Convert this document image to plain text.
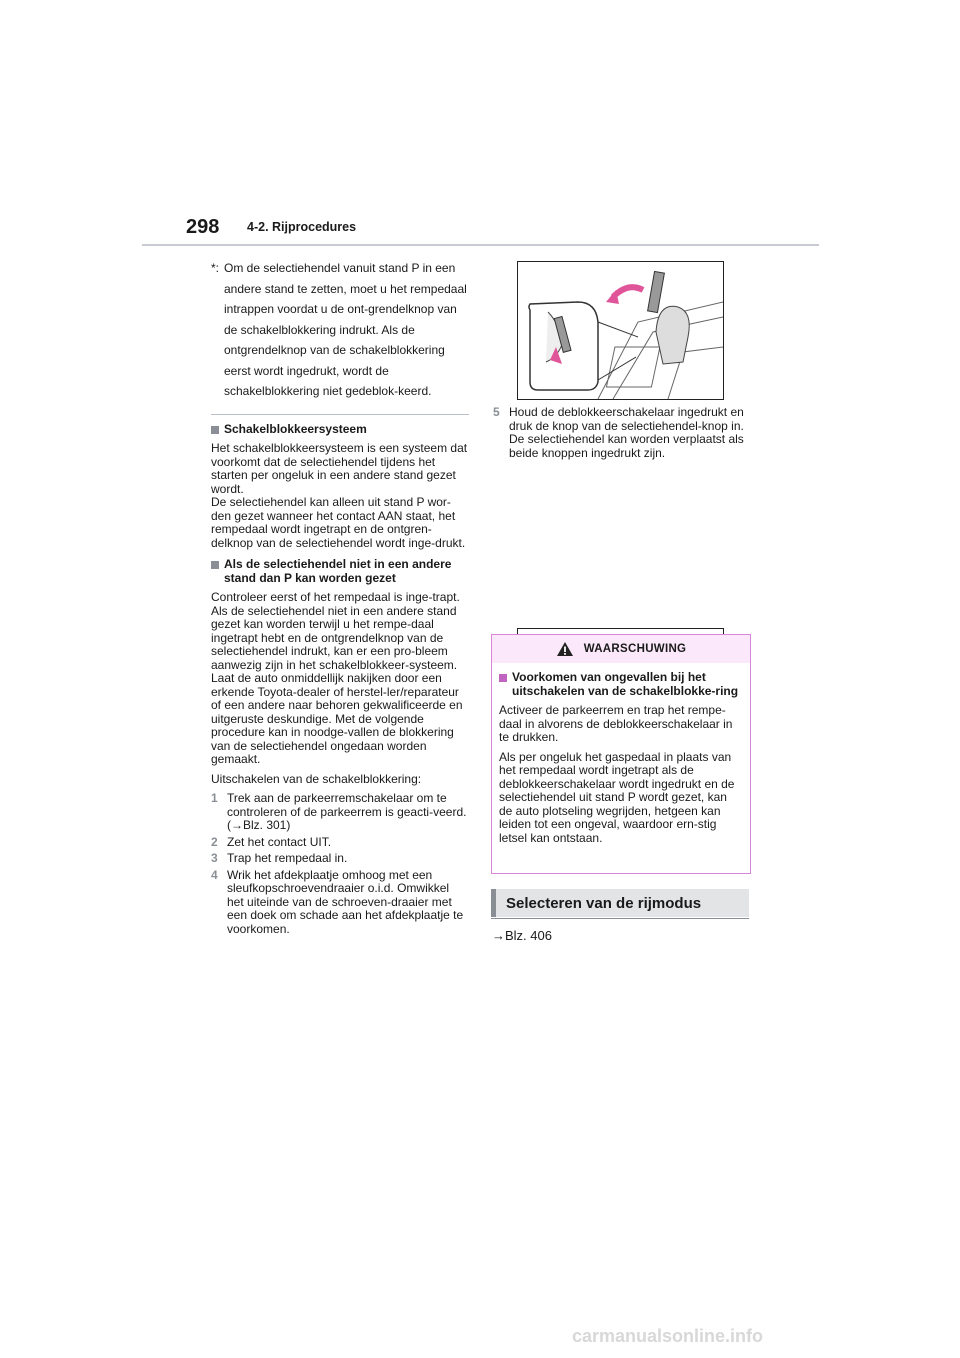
298 4-2. Rijprocedures
*: Om de selectiehendel vanuit stand P in een andere stand te zetten, moet u het rempedaal intrappen voordat u de ont-grendelknop van de schakelblokkering indrukt. Als de ontgrendelknop van de schakelblokkering eerst wordt ingedrukt, wordt de schakelblokkering niet gedeblok-keerd.
Schakelblokkeersysteem

Het schakelblokkeersysteem is een systeem dat voorkomt dat de selectiehendel tijdens het starten per ongeluk in een andere stand gezet wordt.

De selectiehendel kan alleen uit stand P wor-den gezet wanneer het contact AAN staat, het rempedaal wordt ingetrapt en de ontgren-delknop van de selectiehendel wordt inge-drukt.

Als de selectiehendel niet in een andere stand dan P kan worden gezet

Controleer eerst of het rempedaal is inge-trapt.

Als de selectiehendel niet in een andere stand gezet kan worden terwijl u het rempe-daal ingetrapt hebt en de ontgrendelknop van de selectiehendel indrukt, kan er een pro-bleem aanwezig zijn in het schakelblokkeer-systeem. Laat de auto onmiddellijk nakijken door een erkende Toyota-dealer of herstel-ler/reparateur of een andere naar behoren gekwalificeerde en uitgeruste deskundige. Met de volgende procedure kan in noodge-vallen de blokkering van de selectiehendel ongedaan worden gemaakt.

Uitschakelen van de schakelblokkering:

1 Trek aan de parkeerremschakelaar om te controleren of de parkeerrem is geacti-veerd. (→Blz. 301)
2 Zet het contact UIT.
3 Trap het rempedaal in.
4 Wrik het afdekplaatje omhoog met een sleufkopschroevendraaier o.i.d. Omwikkel het uiteinde van de schroeven-draaier met een doek om schade aan het afdekplaatje te voorkomen.
5 Houd de deblokkeerschakelaar ingedrukt en druk de knop van de selectiehendel-knop in. De selectiehendel kan worden verplaatst als beide knoppen ingedrukt zijn.
WAARSCHUWING
Voorkomen van ongevallen bij het uitschakelen van de schakelblokke-ring

Activeer de parkeerrem en trap het rempe-daal in alvorens de deblokkeerschakelaar in te drukken.

Als per ongeluk het gaspedaal in plaats van het rempedaal wordt ingetrapt als de deblokkeerschakelaar wordt ingedrukt en de selectiehendel uit stand P wordt gezet, kan de auto plotseling wegrijden, hetgeen kan leiden tot een ongeval, waardoor ern-stig letsel kan ontstaan.

Selecteren van de rijmodus
→Blz. 406
carmanualsonline.info
